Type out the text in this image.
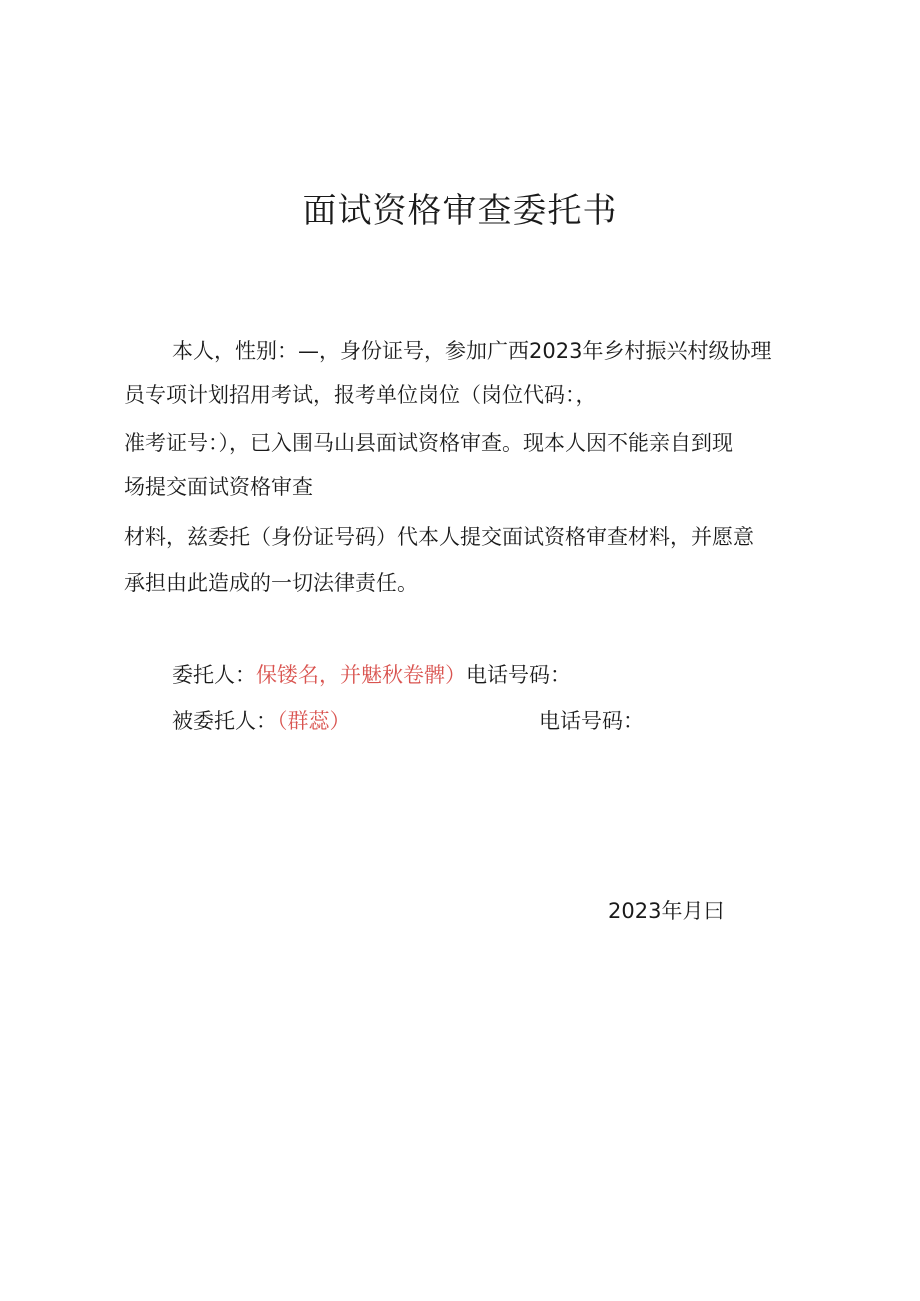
面试资格审查委托书
本人，性别：—，身份证号，参加广西2023年乡村振兴村级协理
员专项计划招用考试，报考单位岗位（岗位代码：，
准考证号：），已入围马山县面试资格审查。现本人因不能亲自到现
场提交面试资格审查
材料，兹委托（身份证号码）代本人提交面试资格审查材料，并愿意
承担由此造成的一切法律责任。
委托人：保镂名，并魅秋卷髀）电话号码：
被委托人：（群蕊）	电话号码：
2023年月曰
